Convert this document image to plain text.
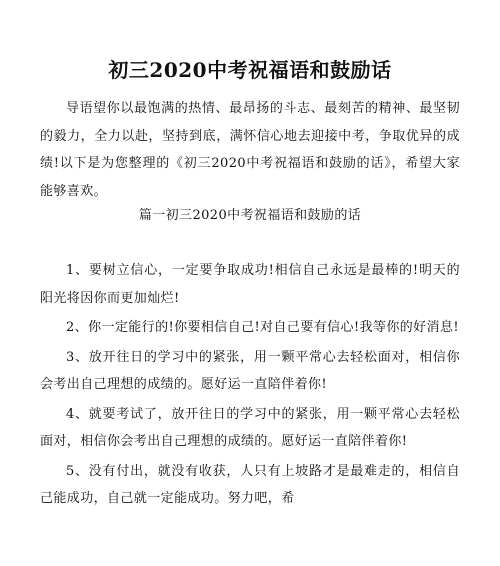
初三2020中考祝福语和鼓励话

导语望你以最饱满的热情、最昂扬的斗志、最刻苦的精神、最坚韧的毅力，全力以赴，坚持到底，满怀信心地去迎接中考，争取优异的成绩!以下是为您整理的《初三2020中考祝福语和鼓励的话》，希望大家能够喜欢。

篇一初三2020中考祝福语和鼓励的话

1、要树立信心，一定要争取成功!相信自己永远是最棒的!明天的阳光将因你而更加灿烂!

2、你一定能行的!你要相信自己!对自己要有信心!我等你的好消息!

3、放开往日的学习中的紧张，用一颗平常心去轻松面对，相信你会考出自己理想的成绩的。愿好运一直陪伴着你!

4、就要考试了，放开往日的学习中的紧张，用一颗平常心去轻松面对，相信你会考出自己理想的成绩的。愿好运一直陪伴着你!

5、没有付出，就没有收获，人只有上坡路才是最难走的，相信自己能成功，自己就一定能成功。努力吧，希
